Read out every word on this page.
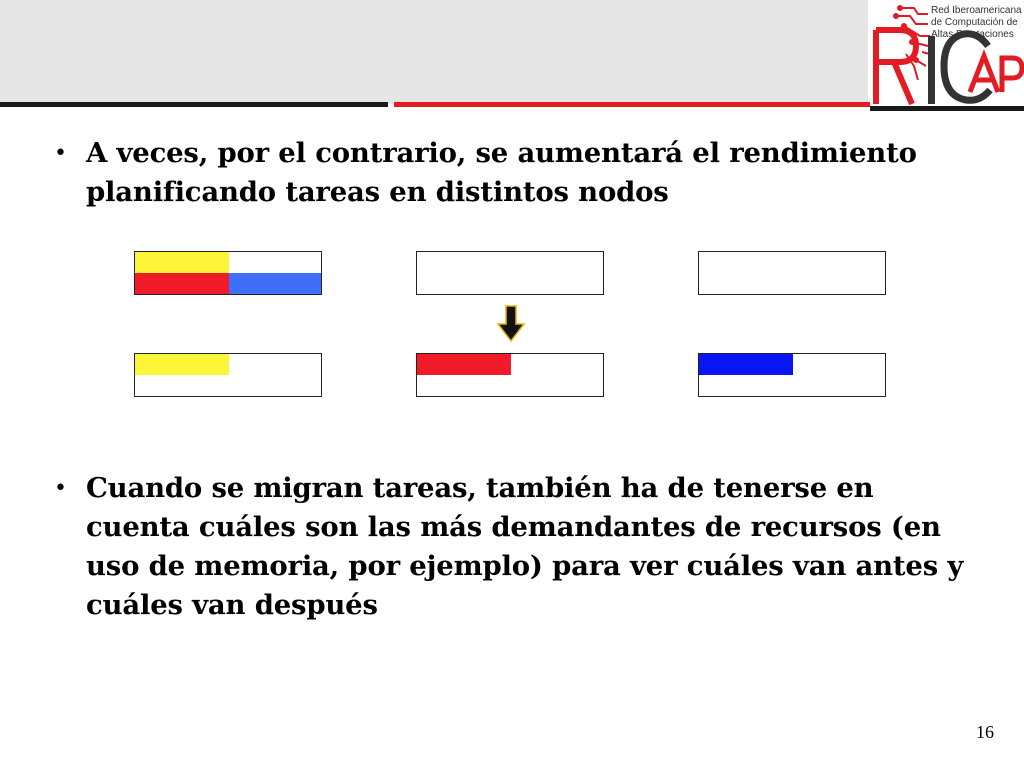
Red Iberoamericana
de Computación de
Altas Prestaciones
• A veces, por el contrario, se aumentará el rendimiento
planificando tareas en distintos nodos
• Cuando se migran tareas, también ha de tenerse en
cuenta cuáles son las más demandantes de recursos (en
uso de memoria, por ejemplo) para ver cuáles van antes y
cuáles van después
16
